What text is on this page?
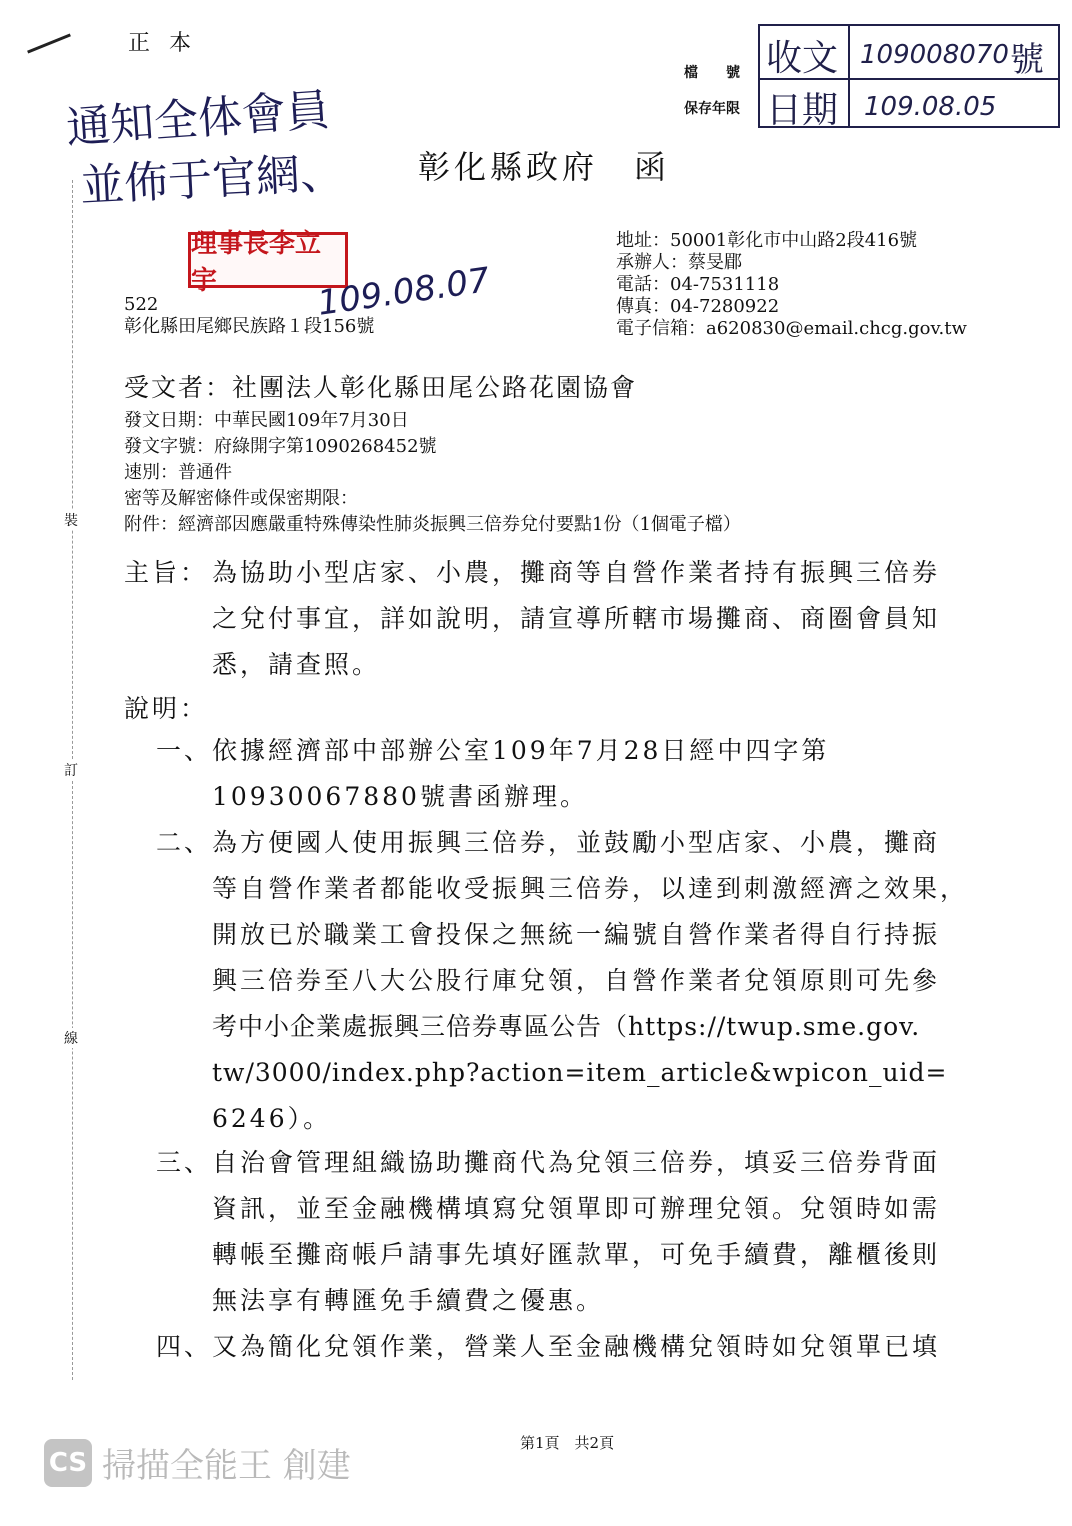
正 本
檔　　號
保存年限
收文 109008070 號
日期 109.08.05
通知全体會員
並佈于官網、 彰化縣政府　函
理事長李立宇	109.08.07
地址：50001彰化市中山路2段416號
承辦人：蔡旻郿
電話：04-7531118
傳真：04-7280922
電子信箱：a620830@email.chcg.gov.tw
522
彰化縣田尾鄉民族路１段156號
裝
訂
線
受文者：社團法人彰化縣田尾公路花園協會
發文日期：中華民國109年7月30日
發文字號：府綠開字第1090268452號
速別：普通件
密等及解密條件或保密期限：
附件：經濟部因應嚴重特殊傳染性肺炎振興三倍券兌付要點1份（1個電子檔）
主旨： 為協助小型店家、小農，攤商等自營作業者持有振興三倍券
之兌付事宜，詳如說明，請宣導所轄市場攤商、商圈會員知
悉，請查照。
說明：
一、 依據經濟部中部辦公室109年7月28日經中四字第
10930067880號書函辦理。
二、 為方便國人使用振興三倍券，並鼓勵小型店家、小農，攤商
等自營作業者都能收受振興三倍券，以達到刺激經濟之效果，
開放已於職業工會投保之無統一編號自營作業者得自行持振
興三倍券至八大公股行庫兌領，自營作業者兌領原則可先參
考中小企業處振興三倍券專區公告（https://twup.sme.gov.
tw/3000/index.php?action=item_article&wpicon_uid=
6246）。
三、 自治會管理組織協助攤商代為兌領三倍券，填妥三倍券背面
資訊，並至金融機構填寫兌領單即可辦理兌領。兌領時如需
轉帳至攤商帳戶請事先填好匯款單，可免手續費，離櫃後則
無法享有轉匯免手續費之優惠。
四、 又為簡化兌領作業，營業人至金融機構兌領時如兌領單已填
第1頁　共2頁
CS 掃描全能王 創建
